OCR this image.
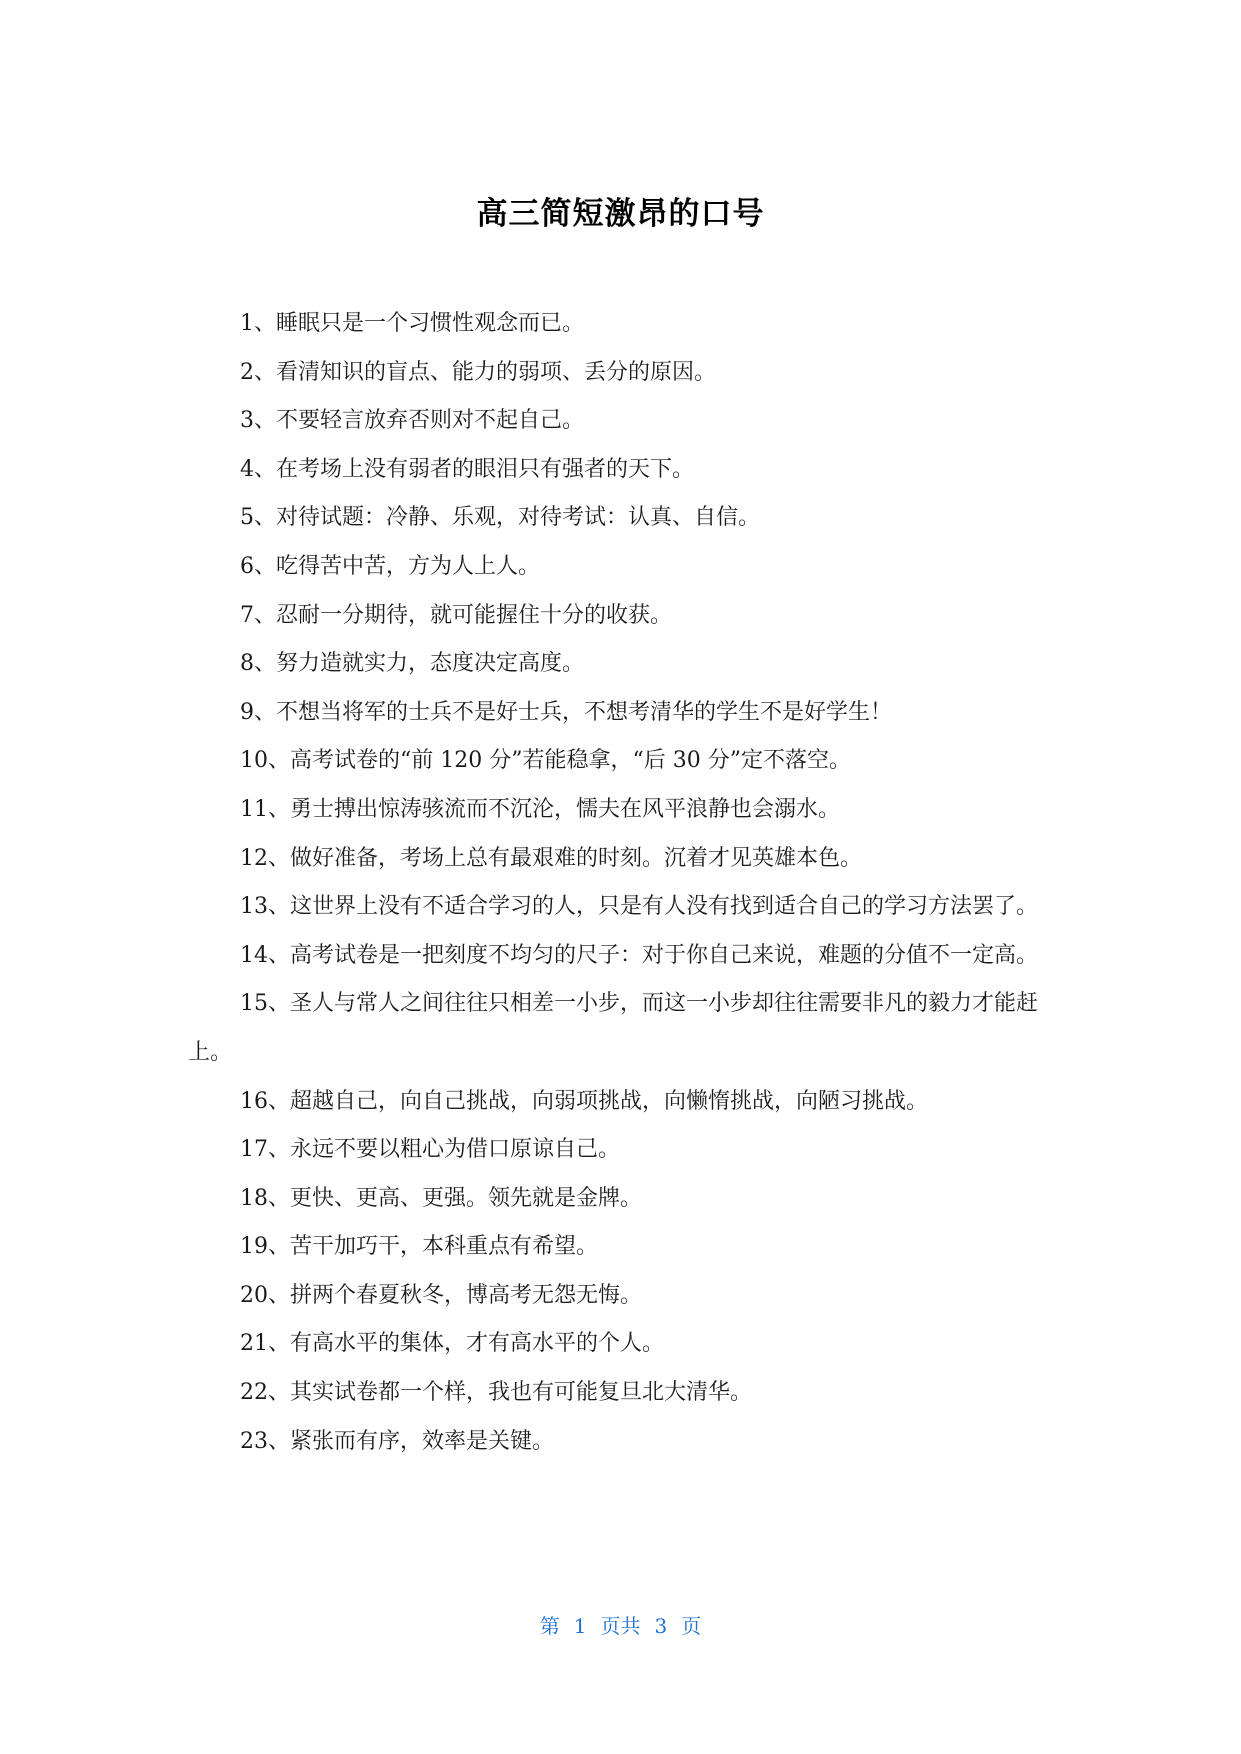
高三简短激昂的口号

1、睡眠只是一个习惯性观念而已。

2、看清知识的盲点、能力的弱项、丢分的原因。

3、不要轻言放弃否则对不起自己。

4、在考场上没有弱者的眼泪只有强者的天下。

5、对待试题：冷静、乐观，对待考试：认真、自信。

6、吃得苦中苦，方为人上人。

7、忍耐一分期待，就可能握住十分的收获。

8、努力造就实力，态度决定高度。

9、不想当将军的士兵不是好士兵，不想考清华的学生不是好学生！

10、高考试卷的“前 120 分”若能稳拿，“后 30 分”定不落空。

11、勇士搏出惊涛骇流而不沉沦，懦夫在风平浪静也会溺水。

12、做好准备，考场上总有最艰难的时刻。沉着才见英雄本色。

13、这世界上没有不适合学习的人，只是有人没有找到适合自己的学习方法罢了。

14、高考试卷是一把刻度不均匀的尺子：对于你自己来说，难题的分值不一定高。

15、圣人与常人之间往往只相差一小步，而这一小步却往往需要非凡的毅力才能赶上。

16、超越自己，向自己挑战，向弱项挑战，向懒惰挑战，向陋习挑战。

17、永远不要以粗心为借口原谅自己。

18、更快、更高、更强。领先就是金牌。

19、苦干加巧干，本科重点有希望。

20、拼两个春夏秋冬，博高考无怨无悔。

21、有高水平的集体，才有高水平的个人。

22、其实试卷都一个样，我也有可能复旦北大清华。

23、紧张而有序，效率是关键。

第 1 页共 3 页
